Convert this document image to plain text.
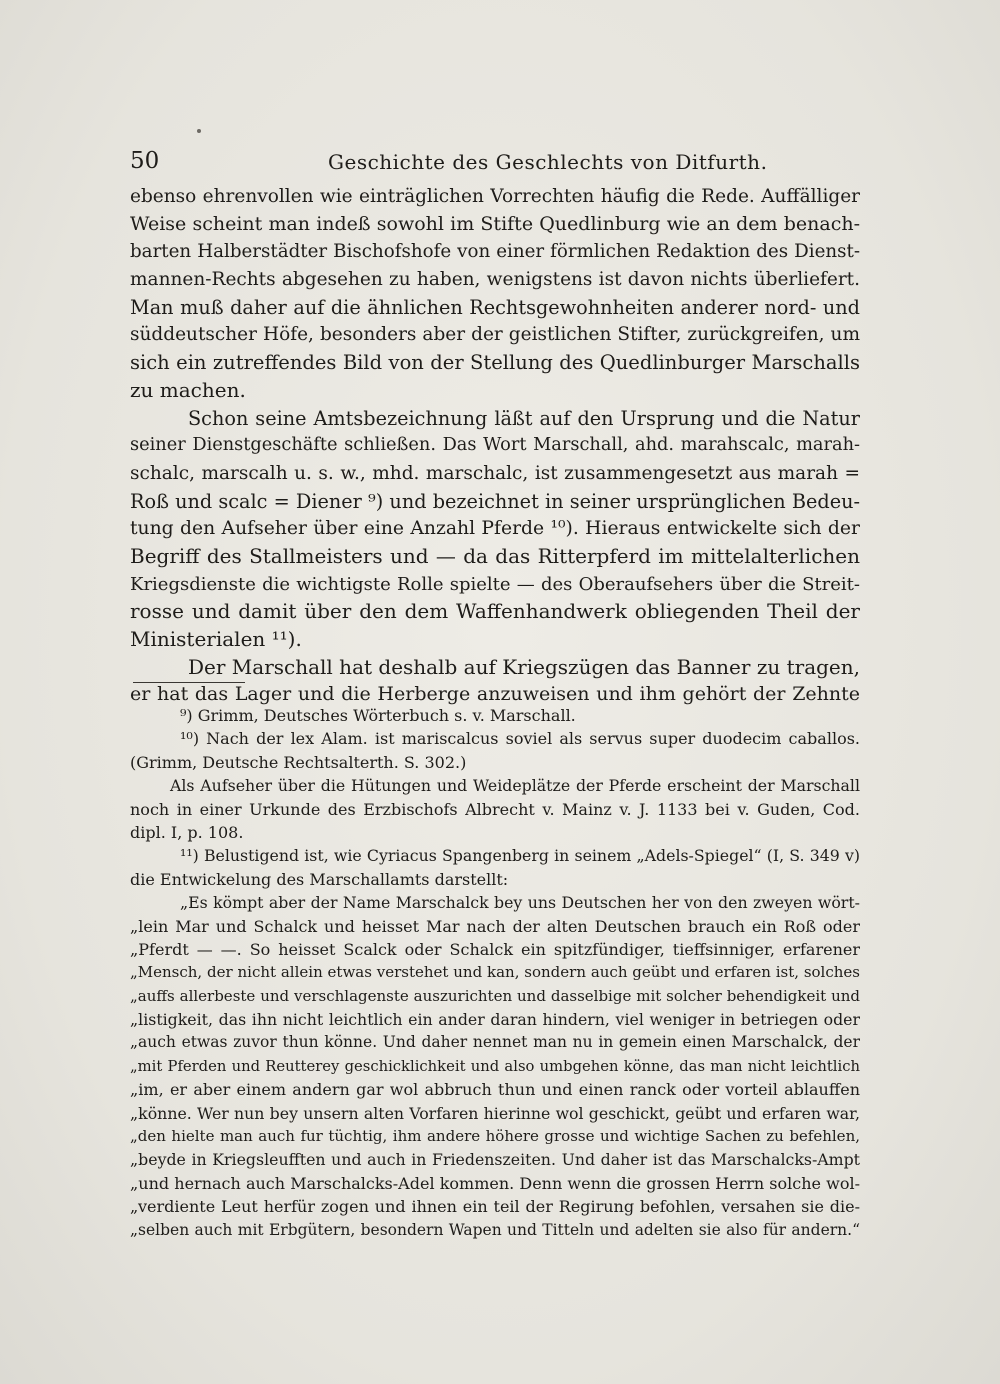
50	Geschichte des Geschlechts von Ditfurth.
ebenso ehrenvollen wie einträglichen Vorrechten häufig die Rede. Auffälliger
Weise scheint man indeß sowohl im Stifte Quedlinburg wie an dem benach-
barten Halberstädter Bischofshofe von einer förmlichen Redaktion des Dienst-
mannen-Rechts abgesehen zu haben, wenigstens ist davon nichts überliefert.
Man muß daher auf die ähnlichen Rechtsgewohnheiten anderer nord- und
süddeutscher Höfe, besonders aber der geistlichen Stifter, zurückgreifen, um
sich ein zutreffendes Bild von der Stellung des Quedlinburger Marschalls
zu machen.
Schon seine Amtsbezeichnung läßt auf den Ursprung und die Natur
seiner Dienstgeschäfte schließen. Das Wort Marschall, ahd. marahscalc, marah-
schalc, marscalh u. s. w., mhd. marschalc, ist zusammengesetzt aus marah =
Roß und scalc = Diener ⁹) und bezeichnet in seiner ursprünglichen Bedeu-
tung den Aufseher über eine Anzahl Pferde ¹⁰). Hieraus entwickelte sich der
Begriff des Stallmeisters und — da das Ritterpferd im mittelalterlichen
Kriegsdienste die wichtigste Rolle spielte — des Oberaufsehers über die Streit-
rosse und damit über den dem Waffenhandwerk obliegenden Theil der
Ministerialen ¹¹).
Der Marschall hat deshalb auf Kriegszügen das Banner zu tragen,
er hat das Lager und die Herberge anzuweisen und ihm gehört der Zehnte
⁹) Grimm, Deutsches Wörterbuch s. v. Marschall.
¹⁰) Nach der lex Alam. ist mariscalcus soviel als servus super duodecim caballos.
(Grimm, Deutsche Rechtsalterth. S. 302.)
Als Aufseher über die Hütungen und Weideplätze der Pferde erscheint der Marschall
noch in einer Urkunde des Erzbischofs Albrecht v. Mainz v. J. 1133 bei v. Guden, Cod.
dipl. I, p. 108.
¹¹) Belustigend ist, wie Cyriacus Spangenberg in seinem „Adels-Spiegel“ (I, S. 349 v)
die Entwickelung des Marschallamts darstellt:
„Es kömpt aber der Name Marschalck bey uns Deutschen her von den zweyen wört-
„lein Mar und Schalck und heisset Mar nach der alten Deutschen brauch ein Roß oder
„Pferdt — —. So heisset Scalck oder Schalck ein spitzfündiger, tieffsinniger, erfarener
„Mensch, der nicht allein etwas verstehet und kan, sondern auch geübt und erfaren ist, solches
„auffs allerbeste und verschlagenste auszurichten und dasselbige mit solcher behendigkeit und
„listigkeit, das ihn nicht leichtlich ein ander daran hindern, viel weniger in betriegen oder
„auch etwas zuvor thun könne. Und daher nennet man nu in gemein einen Marschalck, der
„mit Pferden und Reutterey geschicklichkeit und also umbgehen könne, das man nicht leichtlich
„im, er aber einem andern gar wol abbruch thun und einen ranck oder vorteil ablauffen
„könne. Wer nun bey unsern alten Vorfaren hierinne wol geschickt, geübt und erfaren war,
„den hielte man auch fur tüchtig, ihm andere höhere grosse und wichtige Sachen zu befehlen,
„beyde in Kriegsleufften und auch in Friedenszeiten. Und daher ist das Marschalcks-Ampt
„und hernach auch Marschalcks-Adel kommen. Denn wenn die grossen Herrn solche wol-
„verdiente Leut herfür zogen und ihnen ein teil der Regirung befohlen, versahen sie die-
„selben auch mit Erbgütern, besondern Wapen und Titteln und adelten sie also für andern.“
